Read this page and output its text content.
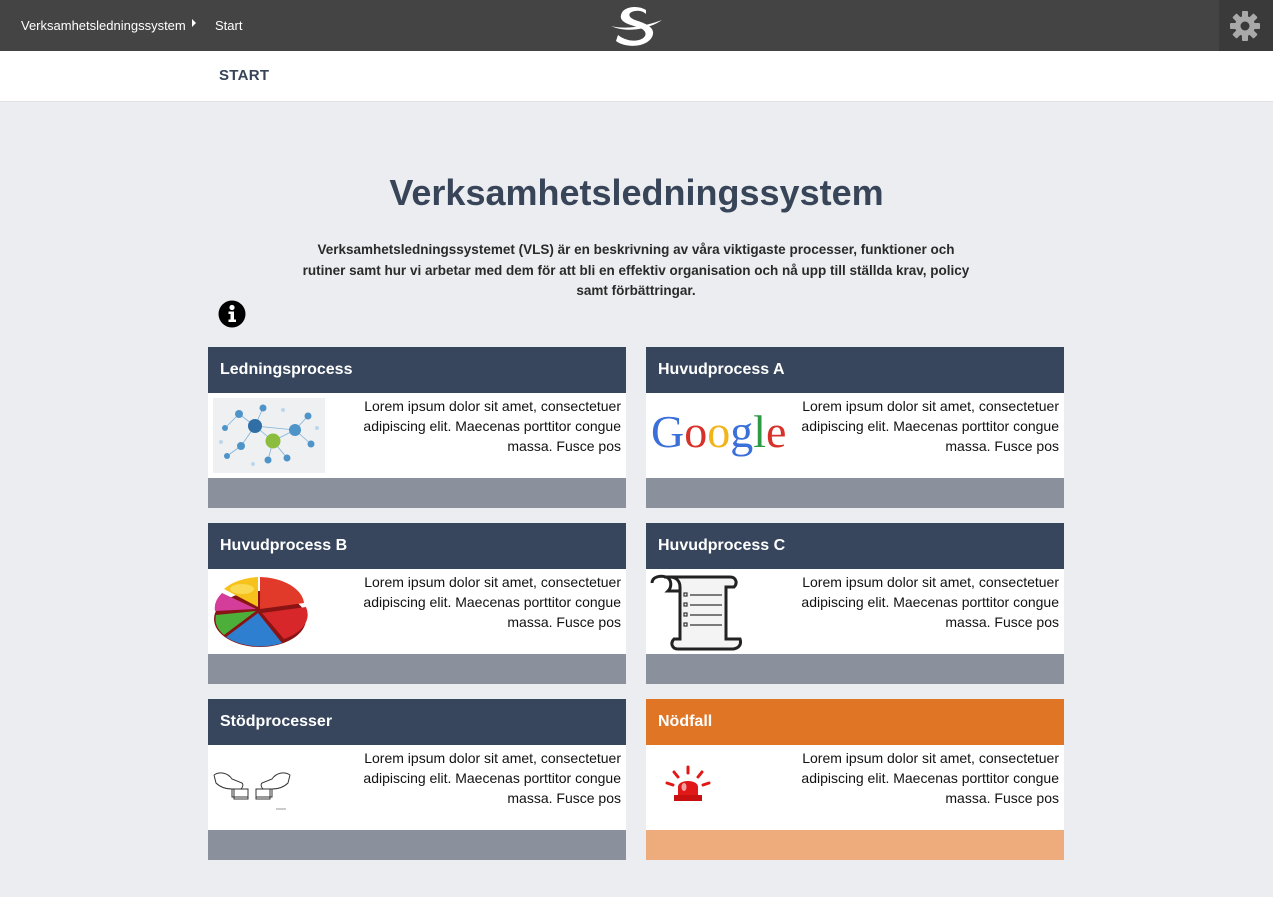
Verksamhetsledningssystem Start
START
Verksamhetsledningssystem

Verksamhetsledningssystemet (VLS) är en beskrivning av våra viktigaste processer, funktioner och rutiner samt hur vi arbetar med dem för att bli en effektiv organisation och nå upp till ställda krav, policy samt förbättringar.

Ledningsprocess
Lorem ipsum dolor sit amet, consectetuer adipiscing elit. Maecenas porttitor congue massa. Fusce pos
Huvudprocess A
Google	Lorem ipsum dolor sit amet, consectetuer adipiscing elit. Maecenas porttitor congue massa. Fusce pos
Huvudprocess B
Lorem ipsum dolor sit amet, consectetuer adipiscing elit. Maecenas porttitor congue massa. Fusce pos
Huvudprocess C
Lorem ipsum dolor sit amet, consectetuer adipiscing elit. Maecenas porttitor congue massa. Fusce pos
Stödprocesser
Lorem ipsum dolor sit amet, consectetuer adipiscing elit. Maecenas porttitor congue massa. Fusce pos
Nödfall
Lorem ipsum dolor sit amet, consectetuer adipiscing elit. Maecenas porttitor congue massa. Fusce pos
